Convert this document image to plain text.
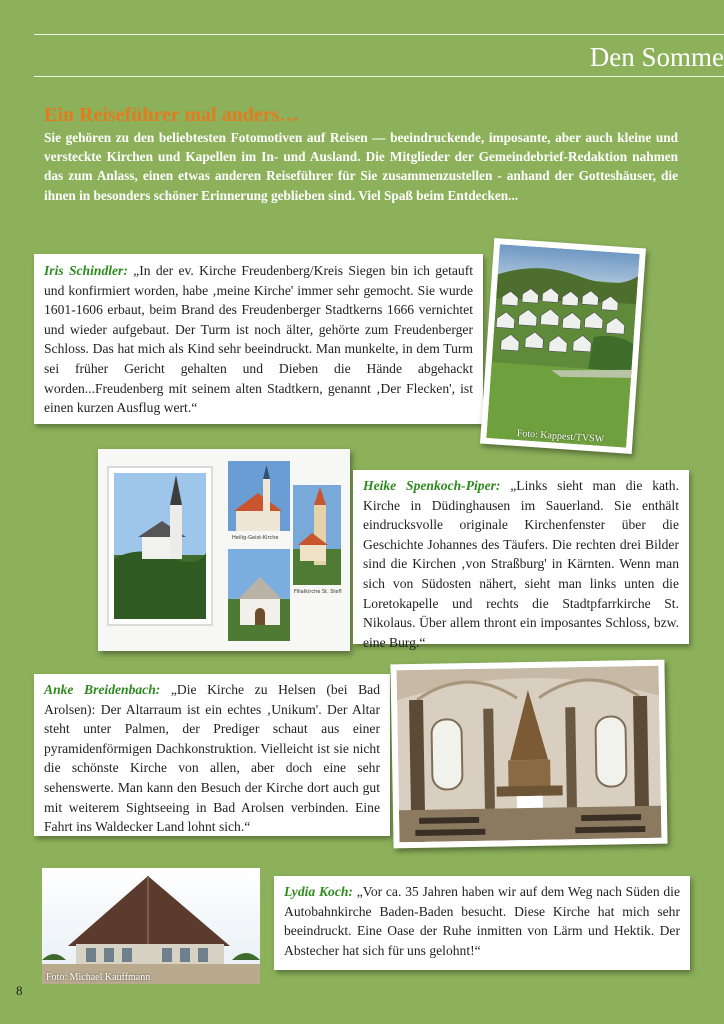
Den Somme
Ein Reiseführer mal anders…
Sie gehören zu den beliebtesten Fotomotiven auf Reisen — beeindruckende, imposante, aber auch kleine und versteckte Kirchen und Kapellen im In- und Ausland. Die Mitglieder der Gemeindebrief-Redaktion nahmen das zum Anlass, einen etwas anderen Reiseführer für Sie zusammenzustellen - anhand der Gotteshäuser, die ihnen in besonders schöner Erinnerung geblieben sind. Viel Spaß beim Entdecken...
Iris Schindler: „In der ev. Kirche Freudenberg/Kreis Siegen bin ich getauft und konfirmiert worden, habe ‚meine Kirche' immer sehr gemocht. Sie wurde 1601-1606 erbaut, beim Brand des Freudenberger Stadtkerns 1666 vernichtet und wieder aufgebaut. Der Turm ist noch älter, gehörte zum Freudenberger Schloss. Das hat mich als Kind sehr beeindruckt. Man munkelte, in dem Turm sei früher Gericht gehalten und Dieben die Hände abgehackt worden...Freudenberg mit seinem alten Stadtkern, genannt ‚Der Flecken', ist einen kurzen Ausflug wert.“
Foto: Kappest/TVSW
Heilig-Geist-Kirche
Filialkirche St. Stefl
Heike Spenkoch-Piper: „Links sieht man die kath. Kirche in Düdinghausen im Sauerland. Sie enthält eindrucksvolle originale Kirchenfenster über die Geschichte Johannes des Täufers. Die rechten drei Bilder sind die Kirchen ‚von Straßburg' in Kärnten. Wenn man sich von Südosten nähert, sieht man links unten die Loretokapelle und rechts die Stadtpfarrkirche St. Nikolaus. Über allem thront ein imposantes Schloss, bzw. eine Burg.“
Anke Breidenbach: „Die Kirche zu Helsen (bei Bad Arolsen): Der Altarraum ist ein echtes ‚Unikum'. Der Altar steht unter Palmen, der Prediger schaut aus einer pyramidenförmigen Dachkonstruktion. Vielleicht ist sie nicht die schönste Kirche von allen, aber doch eine sehr sehenswerte. Man kann den Besuch der Kirche dort auch gut mit weiterem Sightseeing in Bad Arolsen verbinden. Eine Fahrt ins Waldecker Land lohnt sich.“
Foto: Michael Kauffmann
Lydia Koch: „Vor ca. 35 Jahren haben wir auf dem Weg nach Süden die Autobahnkirche Baden-Baden besucht. Diese Kirche hat mich sehr beeindruckt. Eine Oase der Ruhe inmitten von Lärm und Hektik. Der Abstecher hat sich für uns gelohnt!“
8
